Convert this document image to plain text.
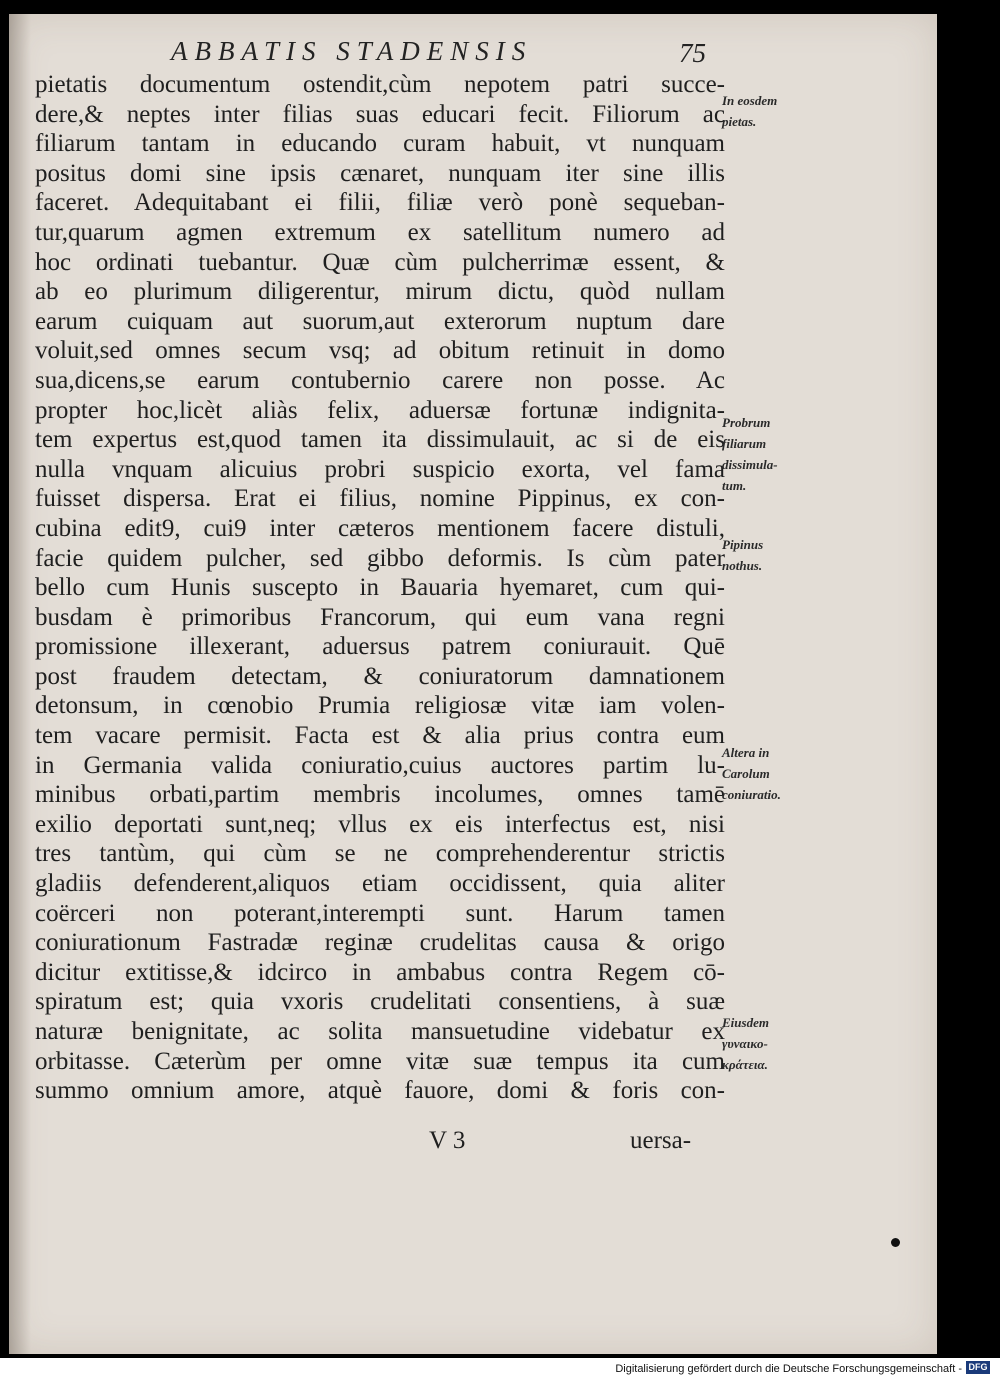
ABBATIS STADENSIS	75
pietatis documentum ostendit,cùm nepotem patri succe-
dere,& neptes inter filias suas educari fecit. Filiorum ac
filiarum tantam in educando curam habuit, vt nunquam
positus domi sine ipsis cænaret, nunquam iter sine illis
faceret. Adequitabant ei filii, filiæ verò ponè sequeban-
tur,quarum agmen extremum ex satellitum numero ad
hoc ordinati tuebantur. Quæ cùm pulcherrimæ essent, &
ab eo plurimum diligerentur, mirum dictu, quòd nullam
earum cuiquam aut suorum,aut exterorum nuptum dare
voluit,sed omnes secum vsq; ad obitum retinuit in domo
sua,dicens,se earum contubernio carere non posse. Ac
propter hoc,licèt aliàs felix, aduersæ fortunæ indignita-
tem expertus est,quod tamen ita dissimulauit, ac si de eis
nulla vnquam alicuius probri suspicio exorta, vel fama
fuisset dispersa. Erat ei filius, nomine Pippinus, ex con-
cubina edit9, cui9 inter cæteros mentionem facere distuli,
facie quidem pulcher, sed gibbo deformis. Is cùm pater
bello cum Hunis suscepto in Bauaria hyemaret, cum qui-
busdam è primoribus Francorum, qui eum vana regni
promissione illexerant, aduersus patrem coniurauit. Quē
post fraudem detectam, & coniuratorum damnationem
detonsum, in cœnobio Prumia religiosæ vitæ iam volen-
tem vacare permisit. Facta est & alia prius contra eum
in Germania valida coniuratio,cuius auctores partim lu-
minibus orbati,partim membris incolumes, omnes tamē
exilio deportati sunt,neq; vllus ex eis interfectus est, nisi
tres tantùm, qui cùm se ne comprehenderentur strictis
gladiis defenderent,aliquos etiam occidissent, quia aliter
coërceri non poterant,interempti sunt. Harum tamen
coniurationum Fastradæ reginæ crudelitas causa & origo
dicitur extitisse,& idcirco in ambabus contra Regem cō-
spiratum est; quia vxoris crudelitati consentiens, à suæ
naturæ benignitate, ac solita mansuetudine videbatur ex
orbitasse. Cæterùm per omne vitæ suæ tempus ita cum
summo omnium amore, atquè fauore, domi & foris con-
In eosdem
pietas.
Probrum
filiarum
dissimula-
tum.
Pipinus
nothus.
Altera in
Carolum
coniuratio.
Eiusdem
γυναικο-
κράτεια.
V 3	uersa-
Digitalisierung gefördert durch die Deutsche Forschungsgemeinschaft - DFG
